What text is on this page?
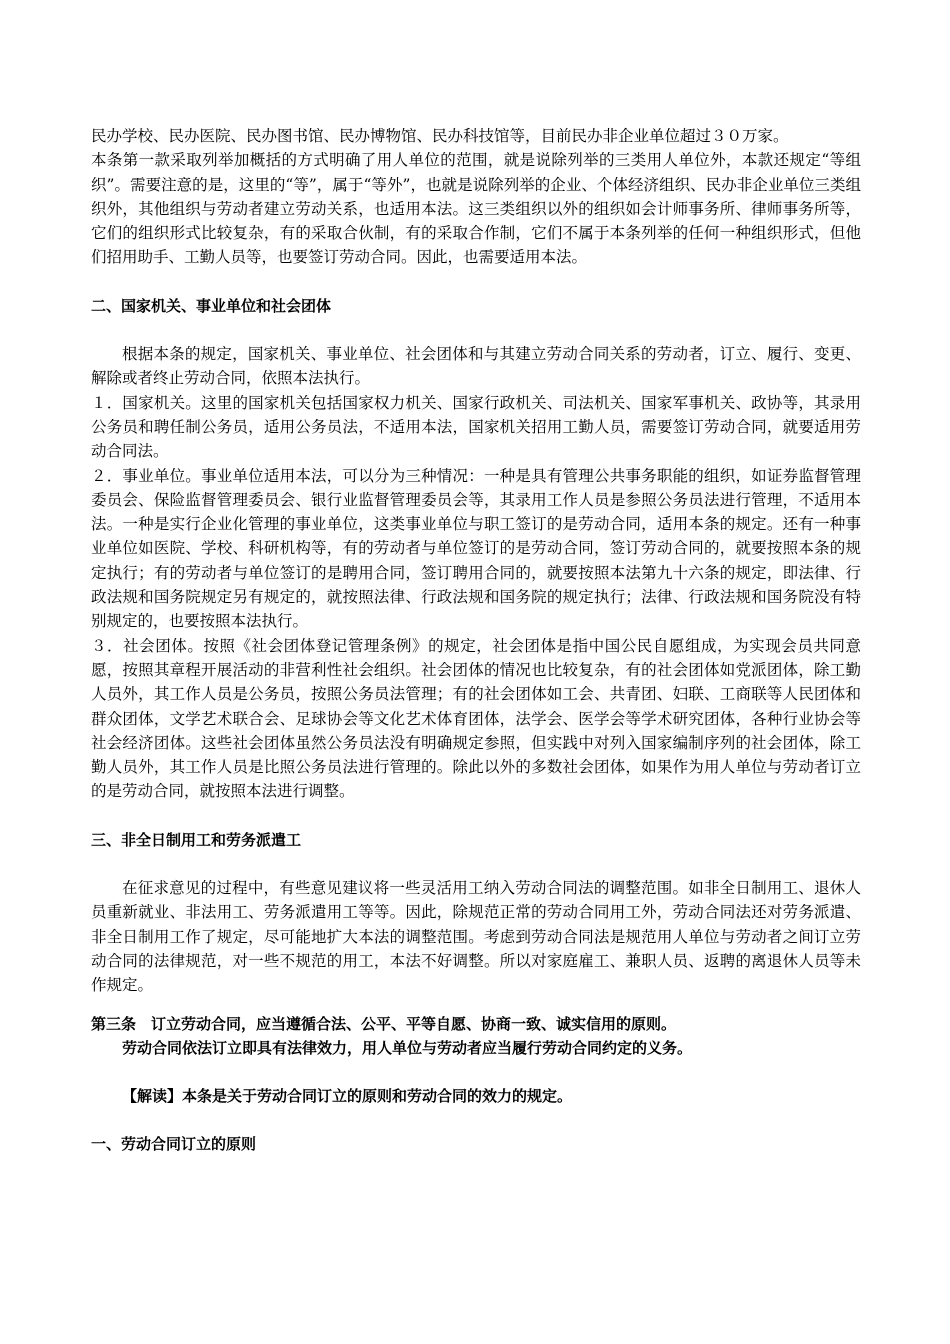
民办学校、民办医院、民办图书馆、民办博物馆、民办科技馆等，目前民办非企业单位超过３０万家。

本条第一款采取列举加概括的方式明确了用人单位的范围，就是说除列举的三类用人单位外，本款还规定“等组织”。需要注意的是，这里的“等”，属于“等外”，也就是说除列举的企业、个体经济组织、民办非企业单位三类组织外，其他组织与劳动者建立劳动关系，也适用本法。这三类组织以外的组织如会计师事务所、律师事务所等，它们的组织形式比较复杂，有的采取合伙制，有的采取合作制，它们不属于本条列举的任何一种组织形式，但他们招用助手、工勤人员等，也要签订劳动合同。因此，也需要适用本法。

二、国家机关、事业单位和社会团体

根据本条的规定，国家机关、事业单位、社会团体和与其建立劳动合同关系的劳动者，订立、履行、变更、解除或者终止劳动合同，依照本法执行。

１．国家机关。这里的国家机关包括国家权力机关、国家行政机关、司法机关、国家军事机关、政协等，其录用公务员和聘任制公务员，适用公务员法，不适用本法，国家机关招用工勤人员，需要签订劳动合同，就要适用劳动合同法。

２．事业单位。事业单位适用本法，可以分为三种情况：一种是具有管理公共事务职能的组织，如证券监督管理委员会、保险监督管理委员会、银行业监督管理委员会等，其录用工作人员是参照公务员法进行管理，不适用本法。一种是实行企业化管理的事业单位，这类事业单位与职工签订的是劳动合同，适用本条的规定。还有一种事业单位如医院、学校、科研机构等，有的劳动者与单位签订的是劳动合同，签订劳动合同的，就要按照本条的规定执行；有的劳动者与单位签订的是聘用合同，签订聘用合同的，就要按照本法第九十六条的规定，即法律、行政法规和国务院规定另有规定的，就按照法律、行政法规和国务院的规定执行；法律、行政法规和国务院没有特别规定的，也要按照本法执行。

３．社会团体。按照《社会团体登记管理条例》的规定，社会团体是指中国公民自愿组成，为实现会员共同意愿，按照其章程开展活动的非营利性社会组织。社会团体的情况也比较复杂，有的社会团体如党派团体，除工勤人员外，其工作人员是公务员，按照公务员法管理；有的社会团体如工会、共青团、妇联、工商联等人民团体和群众团体，文学艺术联合会、足球协会等文化艺术体育团体，法学会、医学会等学术研究团体，各种行业协会等社会经济团体。这些社会团体虽然公务员法没有明确规定参照，但实践中对列入国家编制序列的社会团体，除工勤人员外，其工作人员是比照公务员法进行管理的。除此以外的多数社会团体，如果作为用人单位与劳动者订立的是劳动合同，就按照本法进行调整。

三、非全日制用工和劳务派遣工

在征求意见的过程中，有些意见建议将一些灵活用工纳入劳动合同法的调整范围。如非全日制用工、退休人员重新就业、非法用工、劳务派遣用工等等。因此，除规范正常的劳动合同用工外，劳动合同法还对劳务派遣、非全日制用工作了规定，尽可能地扩大本法的调整范围。考虑到劳动合同法是规范用人单位与劳动者之间订立劳动合同的法律规范，对一些不规范的用工，本法不好调整。所以对家庭雇工、兼职人员、返聘的离退休人员等未作规定。

第三条　订立劳动合同，应当遵循合法、公平、平等自愿、协商一致、诚实信用的原则。

劳动合同依法订立即具有法律效力，用人单位与劳动者应当履行劳动合同约定的义务。

【解读】本条是关于劳动合同订立的原则和劳动合同的效力的规定。

一、劳动合同订立的原则
